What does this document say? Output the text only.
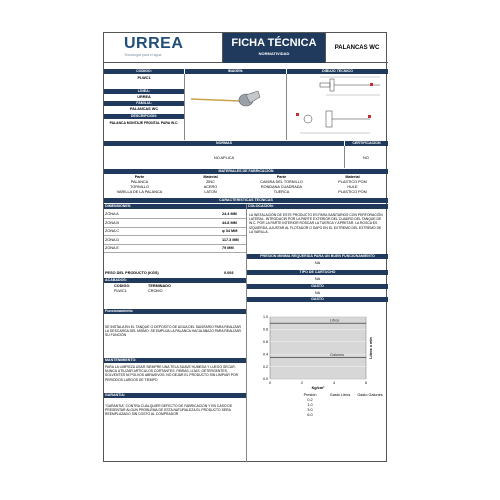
URREA
Tecnología para el agua
FICHA TÉCNICA
NORMATIVIDAD
PALANCAS WC
CODIGO:
PLWC1
LÍNEA:
URREA
FAMILIA:
PALANCAS WC
DESCRIPCIÓN:
PALANCA MONTAJE FRONTAL PARA W.C.
IMAGEN:	DIBUJO TECNICO
NORMAS	CERTIFICACION
NO APLICA	NO
MATERIALES DE FABRICACIÓN
Parte	Material	Parte	Material
PALANCA	ZINC	CAMISA DEL TORNILLO	PLASTICO POM
TORNILLO	ACERO	RONDANA CUADRADA	HULE
VARILLA DE LA PALANCA	LATON	TUERCA	PLASTICO POM
CARACTERISTICAS TÉCNICAS
DIMENSIONES:	COLOCACIÓN:
ZONA A	24.4 MM
ZONA B	44.8 MM
ZONA C	φ 34 MM
ZONA D	117.3 MM
ZONA E	79 MM
LA INSTALACIÓN DE ESTE PRODUCTO ES PARA SANITARIOS CON PERFORACIÓN LATERAL. INTRODUCIR POR LA PARTE EXTERIOR DEL CUADRO DEL TANQUE DE W.C. POR LA PARTE INTERIOR ROSCAR LA TUERCA Y APRETAR. LA ROSCA ES IZQUIERDA. AJUSTAR AL FLOTADOR O SAPO EN EL EXTREMO DEL EXTREMO DE LA VARILLA.
PRESION MINIMA REQUERIDA PARA UN BUEN FUNCIONAMIENTO
NA
PESO DEL PRODUCTO (KGS)	0.093	TIPO DE CARTUCHO
NA
ACABADOS:
CODIGO	TERMINADO
PLWC1	CROMO
GASTO
NA
GASTO
Funcionamiento
SE INSTALA EN EL TANQUE O DEPOSITO DE AGUA DEL SANITARIO PARA REALIZAR LA DESCARGA DEL MISMO. SE EMPUJA LA PALANCA HACIA ABAJO PARA REALIZAR SU FUNCIÓN
MANTENIMIENTO:
PARA LA LIMPIEZA USAR SIEMPRE UNA TELA SUAVE HUMEDA Y LUEGO SECAR. NUNCA UTILIZAR ARTICULOS CORTANTES, FIBRAS, LIJAS, DETERGENTES, SOLVENTES NI POLVOS ABRASIVOS. NO DEJAR EL PRODUCTO SIN LIMPIAR POR PERIODOS LARGOS DE TIEMPO
GARANTIA:
"GARANTIA" CONTRA CUALQUIER DEFECTO DE FABRICACION Y EN CASO DE PRESENTAR ALGUN PROBLEMA DE ESTA NATURALEZA EL PRODUCTO SERA REEMPLAZADO SIN COSTO AL COMPRADOR
0.0
0.2
0.4
0.6
0.8
1.0
0	2	4	6
Litros
Galones
Kg/cm²
Litros x min
Presión	Gasto Litros	Gasto Galones
0.2
1.0
3.0
6.0
